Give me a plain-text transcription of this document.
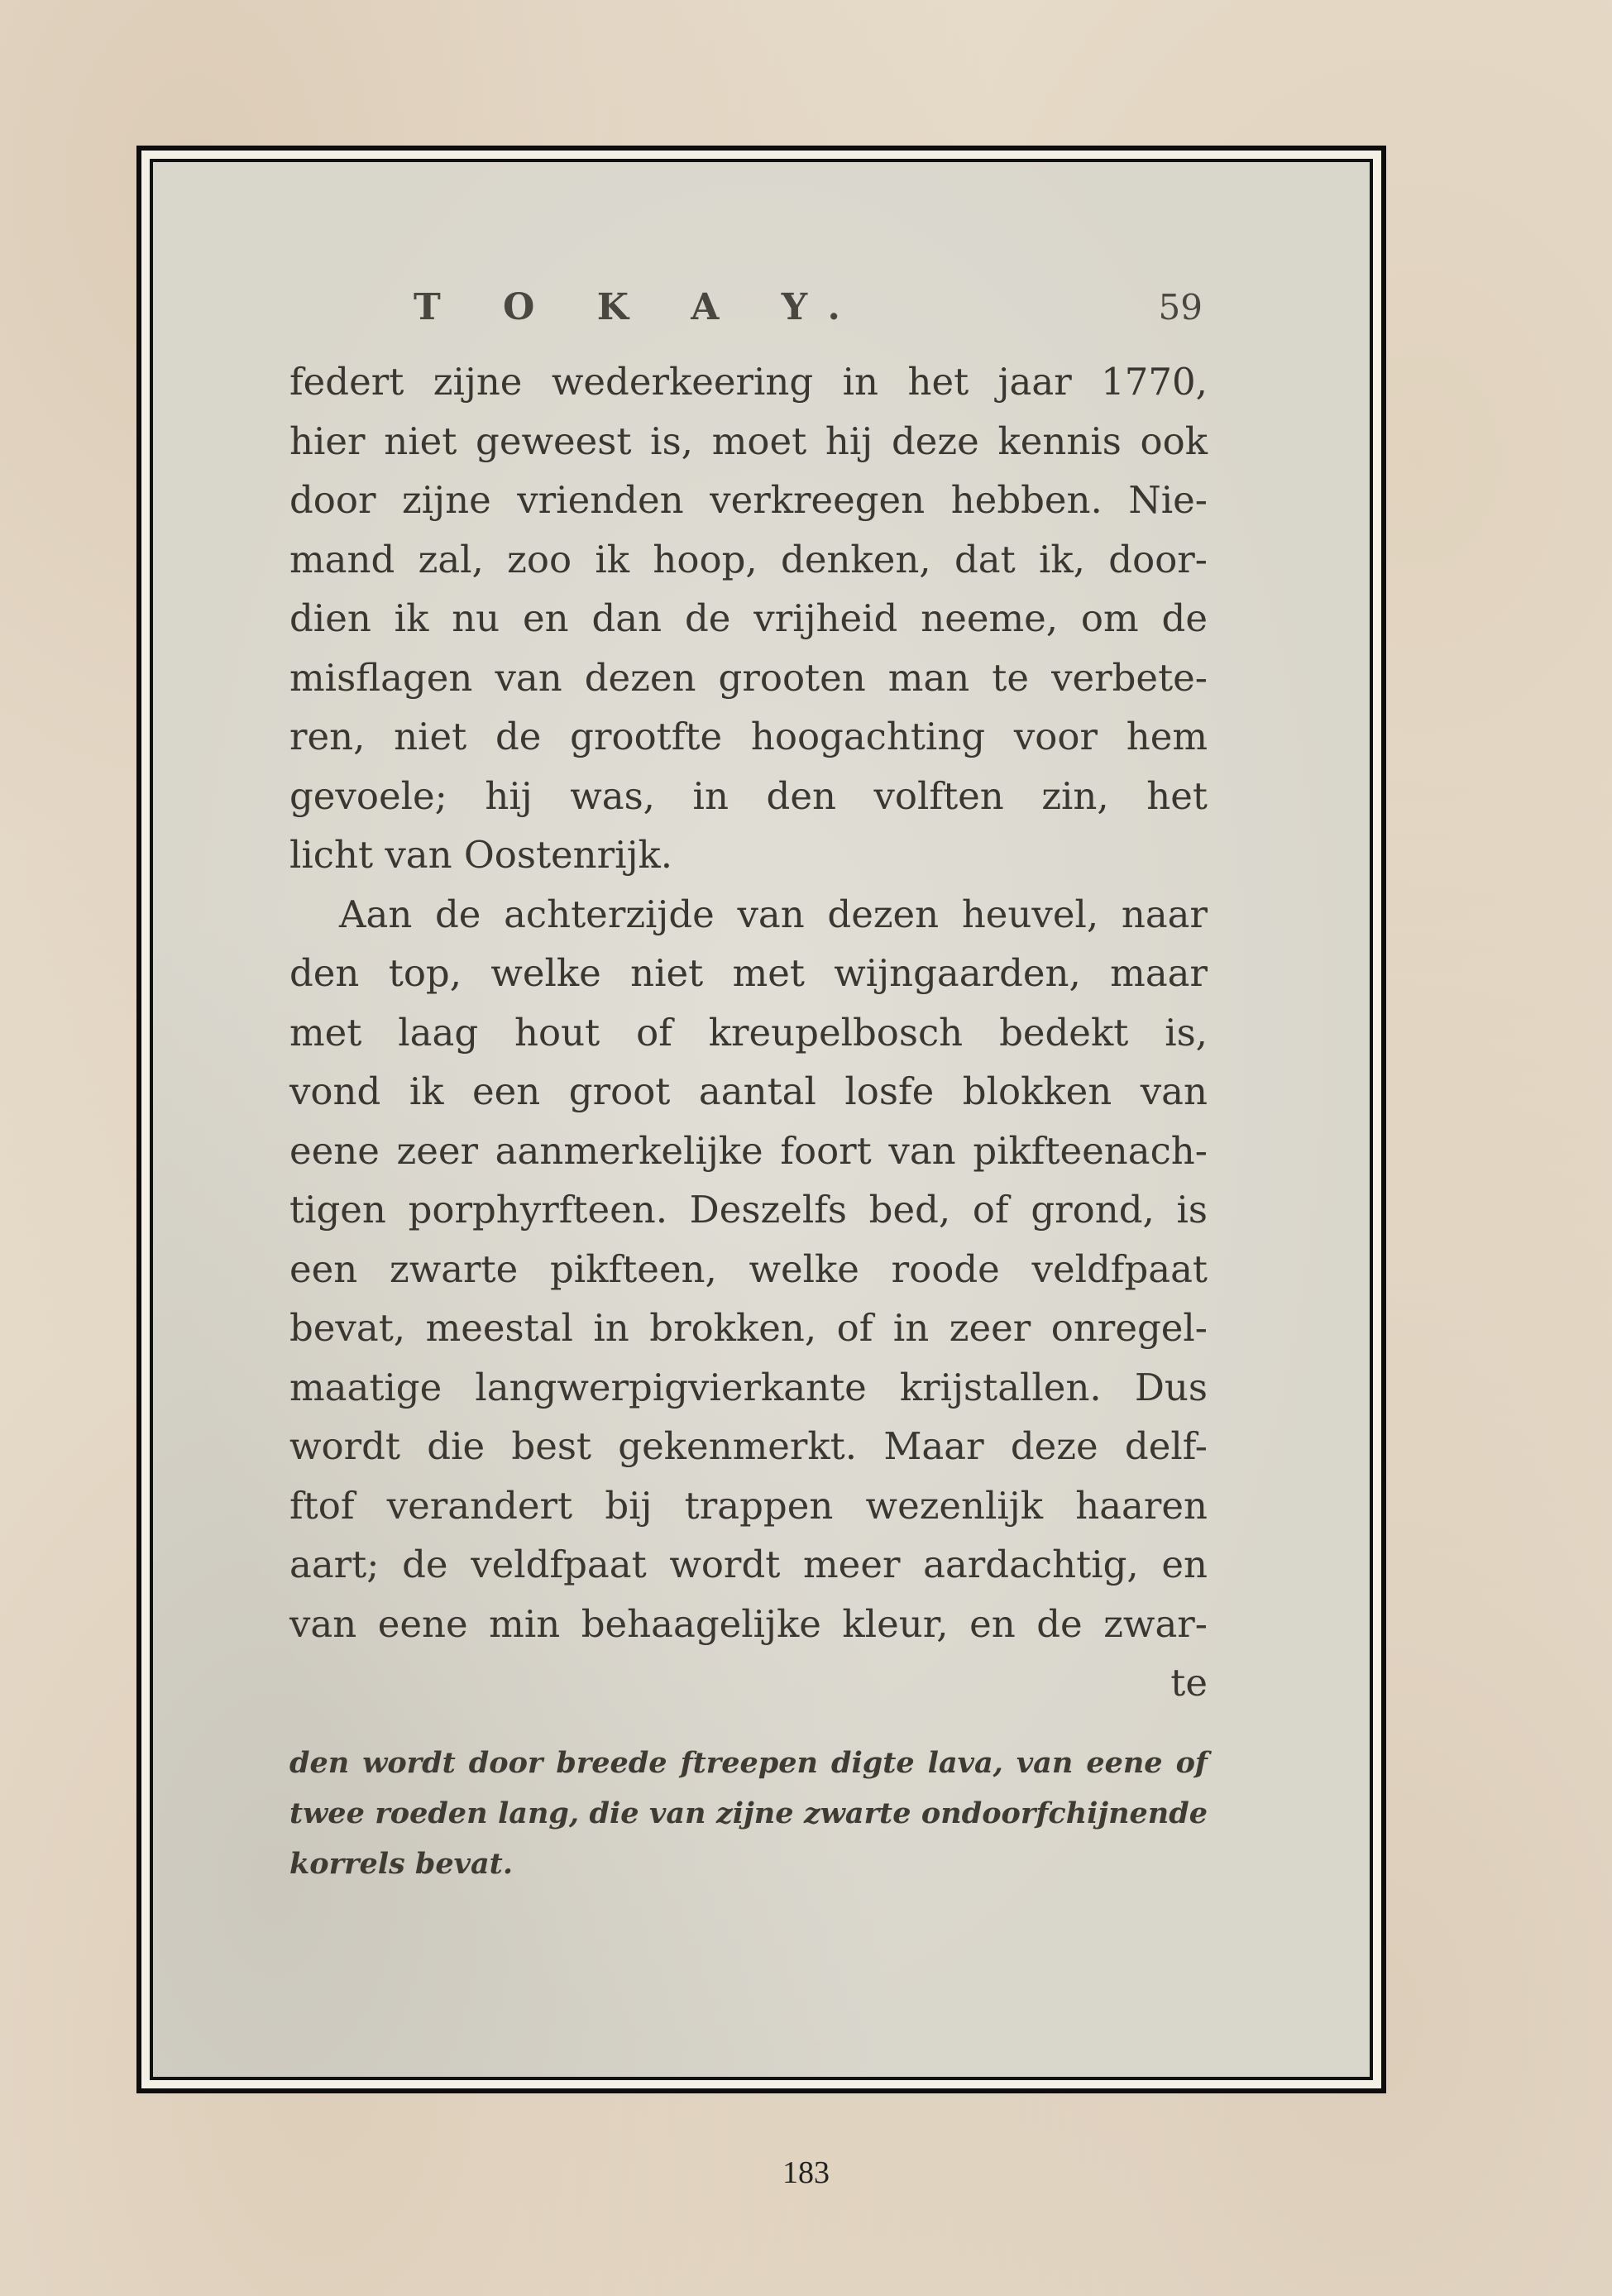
T O K A Y.	59
federt zijne wederkeering in het jaar 1770,
hier niet geweest is, moet hij deze kennis ook
door zijne vrienden verkreegen hebben. Nie-
mand zal, zoo ik hoop, denken, dat ik, door-
dien ik nu en dan de vrijheid neeme, om de
misflagen van dezen grooten man te verbete-
ren, niet de grootfte hoogachting voor hem
gevoele; hij was, in den volften zin, het
licht van Oostenrijk.
Aan de achterzijde van dezen heuvel, naar
den top, welke niet met wijngaarden, maar
met laag hout of kreupelbosch bedekt is,
vond ik een groot aantal losfe blokken van
eene zeer aanmerkelijke foort van pikfteenach-
tigen porphyrfteen. Deszelfs bed, of grond, is
een zwarte pikfteen, welke roode veldfpaat
bevat, meestal in brokken, of in zeer onregel-
maatige langwerpigvierkante krijstallen. Dus
wordt die best gekenmerkt. Maar deze delf-
ftof verandert bij trappen wezenlijk haaren
aart; de veldfpaat wordt meer aardachtig, en
van eene min behaagelijke kleur, en de zwar-
te
den wordt door breede ftreepen digte lava, van eene of
twee roeden lang, die van zijne zwarte ondoorfchijnende
korrels bevat.
183
